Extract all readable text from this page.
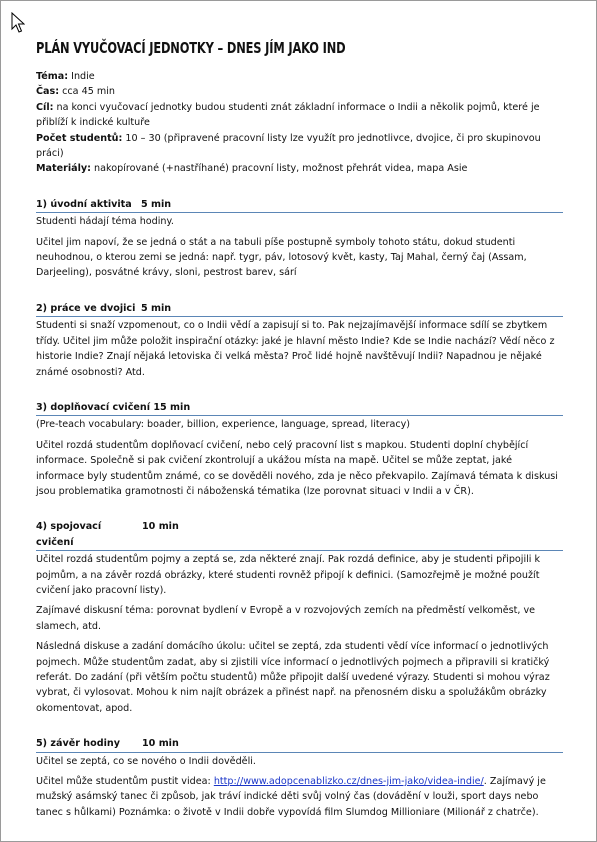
PLÁN VYUČOVACÍ JEDNOTKY – DNES JÍM JAKO IND

Téma: Indie

Čas: cca 45 min

Cíl: na konci vyučovací jednotky budou studenti znát základní informace o Indii a několik pojmů, které je přiblíží k indické kultuře

Počet studentů: 10 – 30 (připravené pracovní listy lze využít pro jednotlivce, dvojice, či pro skupinovou práci)

Materiály: nakopírované (+nastříhané) pracovní listy, možnost přehrát videa, mapa Asie

1) úvodní aktivita 5 min

Studenti hádají téma hodiny.

Učitel jim napoví, že se jedná o stát a na tabuli píše postupně symboly tohoto státu, dokud studenti neuhodnou, o kterou zemi se jedná: např. tygr, páv, lotosový květ, kasty, Taj Mahal, černý čaj (Assam, Darjeeling), posvátné krávy, sloni, pestrost barev, sárí

2) práce ve dvojici 5 min

Studenti si snaží vzpomenout, co o Indii vědí a zapisují si to. Pak nejzajímavější informace sdílí se zbytkem třídy. Učitel jim může položit inspirační otázky: jaké je hlavní město Indie? Kde se Indie nachází? Vědí něco z historie Indie? Znají nějaká letoviska či velká města? Proč lidé hojně navštěvují Indii? Napadnou je nějaké známé osobnosti? Atd.

3) doplňovací cvičení 15 min

(Pre-teach vocabulary: boader, billion, experience, language, spread, literacy)

Učitel rozdá studentům doplňovací cvičení, nebo celý pracovní list s mapkou. Studenti doplní chybějící informace. Společně si pak cvičení zkontrolují a ukážou místa na mapě. Učitel se může zeptat, jaké informace byly studentům známé, co se dověděli nového, zda je něco překvapilo. Zajímavá témata k diskusi jsou problematika gramotnosti či náboženská tématika (lze porovnat situaci v Indii a v ČR).

4) spojovací cvičení
10 min

Učitel rozdá studentům pojmy a zeptá se, zda některé znají. Pak rozdá definice, aby je studenti připojili k pojmům, a na závěr rozdá obrázky, které studenti rovněž připojí k definici. (Samozřejmě je možné použít cvičení jako pracovní listy).

Zajímavé diskusní téma: porovnat bydlení v Evropě a v rozvojových zemích na předměstí velkoměst, ve slamech, atd.

Následná diskuse a zadání domácího úkolu: učitel se zeptá, zda studenti vědí více informací o jednotlivých pojmech. Může studentům zadat, aby si zjistili více informací o jednotlivých pojmech a připravili si kratičký referát. Do zadání (při větším počtu studentů) může připojit další uvedené výrazy. Studenti si mohou výraz vybrat, či vylosovat. Mohou k nim najít obrázek a přinést např. na přenosném disku a spolužákům obrázky okomentovat, apod.

5) závěr hodiny	10 min

Učitel se zeptá, co se nového o Indii dověděli.

Učitel může studentům pustit videa: http://www.adopcenablizko.cz/dnes-jim-jako/videa-indie/. Zajímavý je mužský asámský tanec či způsob, jak tráví indické děti svůj volný čas (dovádění v louži, sport days nebo tanec s hůlkami) Poznámka: o životě v Indii dobře vypovídá film Slumdog Millioniare (Milionář z chatrče).
